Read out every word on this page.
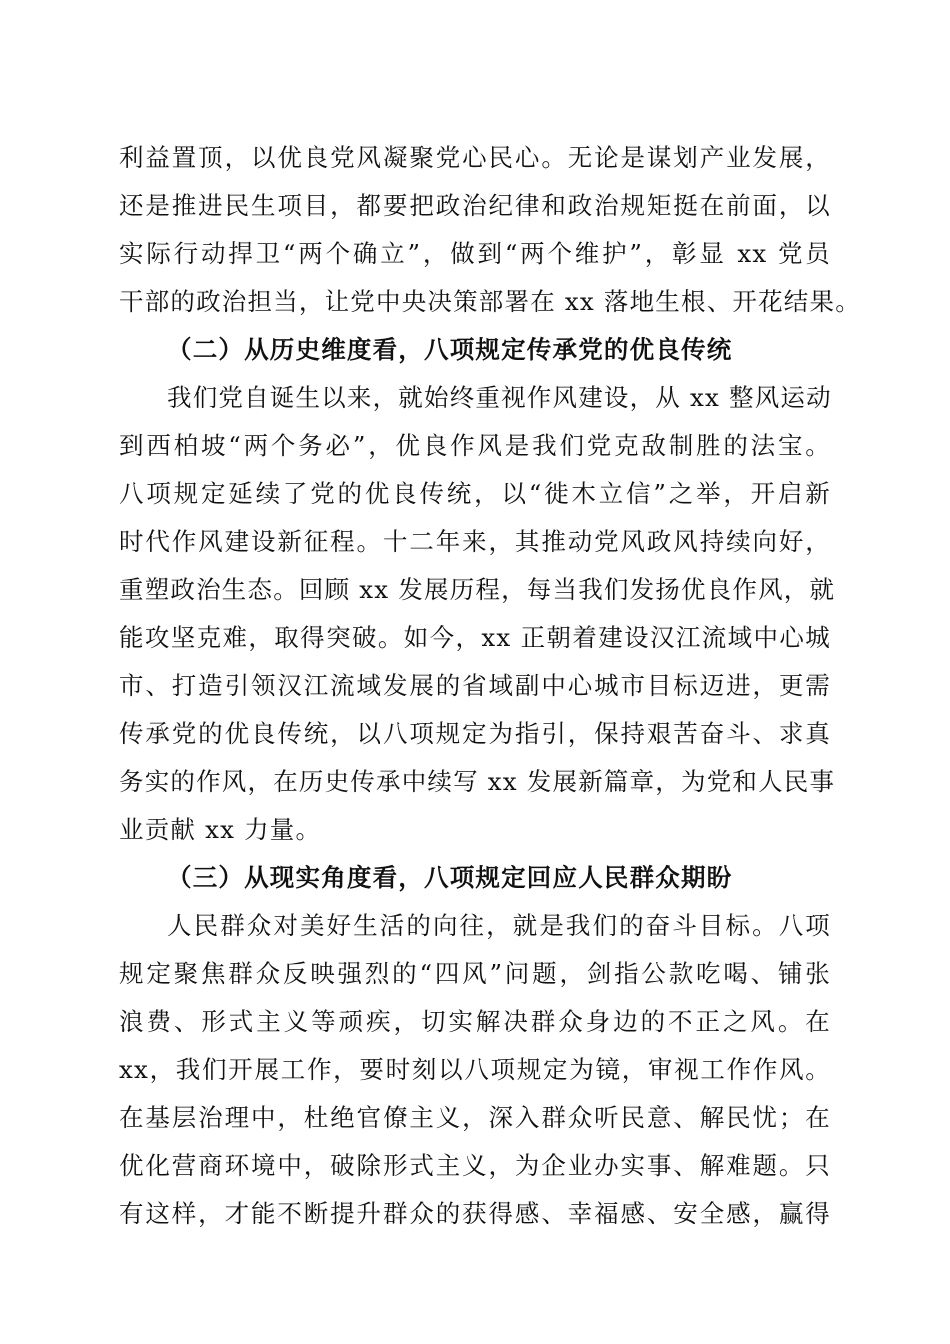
利益置顶，以优良党风凝聚党心民心。无论是谋划产业发展，
还是推进民生项目，都要把政治纪律和政治规矩挺在前面，以
实际行动捍卫“两个确立”，做到“两个维护”，彰显 xx 党员
干部的政治担当，让党中央决策部署在 xx 落地生根、开花结果。
（二）从历史维度看，八项规定传承党的优良传统
我们党自诞生以来，就始终重视作风建设，从 xx 整风运动
到西柏坡“两个务必”，优良作风是我们党克敌制胜的法宝。
八项规定延续了党的优良传统，以“徙木立信”之举，开启新
时代作风建设新征程。十二年来，其推动党风政风持续向好，
重塑政治生态。回顾 xx 发展历程，每当我们发扬优良作风，就
能攻坚克难，取得突破。如今，xx 正朝着建设汉江流域中心城
市、打造引领汉江流域发展的省域副中心城市目标迈进，更需
传承党的优良传统，以八项规定为指引，保持艰苦奋斗、求真
务实的作风，在历史传承中续写 xx 发展新篇章，为党和人民事
业贡献 xx 力量。
（三）从现实角度看，八项规定回应人民群众期盼
人民群众对美好生活的向往，就是我们的奋斗目标。八项
规定聚焦群众反映强烈的“四风”问题，剑指公款吃喝、铺张
浪费、形式主义等顽疾，切实解决群众身边的不正之风。在
xx，我们开展工作，要时刻以八项规定为镜，审视工作作风。
在基层治理中，杜绝官僚主义，深入群众听民意、解民忧；在
优化营商环境中，破除形式主义，为企业办实事、解难题。只
有这样，才能不断提升群众的获得感、幸福感、安全感，赢得
